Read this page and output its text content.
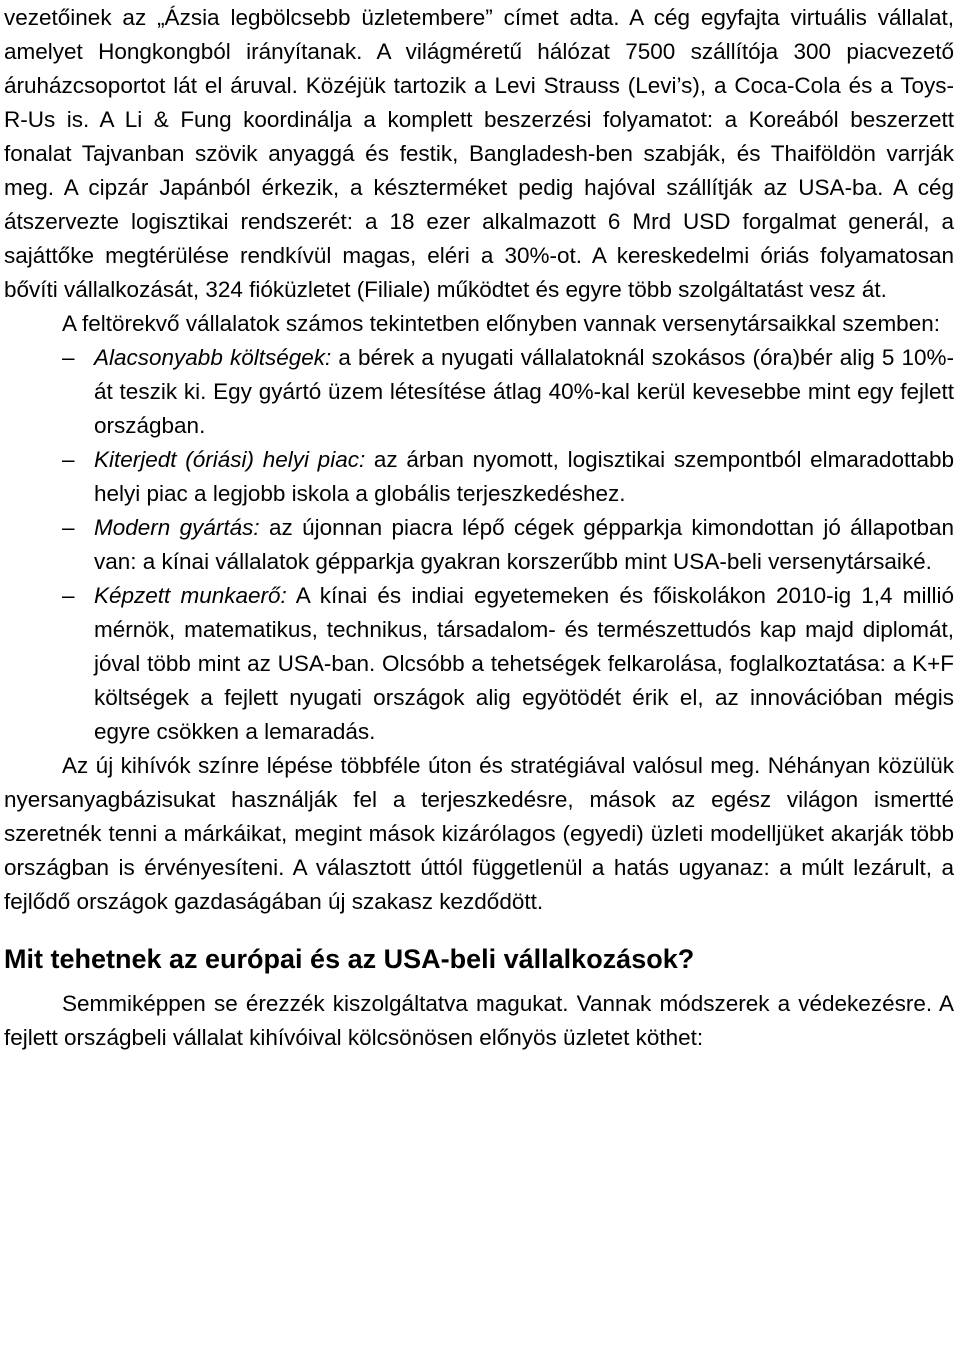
vezetőinek az „Ázsia legbölcsebb üzletembere” címet adta. A cég egyfajta virtuális vállalat, amelyet Hongkongból irányítanak. A világméretű hálózat 7500 szállítója 300 piacvezető áruházcsoportot lát el áruval. Közéjük tartozik a Levi Strauss (Levi’s), a Coca-Cola és a Toys-R-Us is. A Li & Fung koordinálja a komplett beszerzési folyamatot: a Koreából beszerzett fonalat Tajvanban szövik anyaggá és festik, Bangladesh-ben szabják, és Thaiföldön varrják meg. A cipzár Japánból érkezik, a készterméket pedig hajóval szállítják az USA-ba. A cég átszervezte logisztikai rendszerét: a 18 ezer alkalmazott 6 Mrd USD forgalmat generál, a sajáttőke megtérülése rendkívül magas, eléri a 30%-ot. A kereskedelmi óriás folyamatosan bővíti vállalkozását, 324 fióküzletet (Filiale) működtet és egyre több szolgáltatást vesz át.

A feltörekvő vállalatok számos tekintetben előnyben vannak versenytársaikkal szemben:

– Alacsonyabb költségek: a bérek a nyugati vállalatoknál szokásos (óra)bér alig 5 10%-át teszik ki. Egy gyártó üzem létesítése átlag 40%-kal kerül kevesebbe mint egy fejlett országban.
– Kiterjedt (óriási) helyi piac: az árban nyomott, logisztikai szempontból elmaradottabb helyi piac a legjobb iskola a globális terjeszkedéshez.
– Modern gyártás: az újonnan piacra lépő cégek gépparkja kimondottan jó állapotban van: a kínai vállalatok gépparkja gyakran korszerűbb mint USA-beli versenytársaiké.
– Képzett munkaerő: A kínai és indiai egyetemeken és főiskolákon 2010-ig 1,4 millió mérnök, matematikus, technikus, társadalom- és természettudós kap majd diplomát, jóval több mint az USA-ban. Olcsóbb a tehetségek felkarolása, foglalkoztatása: a K+F költségek a fejlett nyugati országok alig egyötödét érik el, az innovációban mégis egyre csökken a lemaradás.

Az új kihívók színre lépése többféle úton és stratégiával valósul meg. Néhányan közülük nyersanyagbázisukat használják fel a terjeszkedésre, mások az egész világon ismertté szeretnék tenni a márkáikat, megint mások kizárólagos (egyedi) üzleti modelljüket akarják több országban is érvényesíteni. A választott úttól függetlenül a hatás ugyanaz: a múlt lezárult, a fejlődő országok gazdaságában új szakasz kezdődött.

Mit tehetnek az európai és az USA-beli vállalkozások?

Semmiképpen se érezzék kiszolgáltatva magukat. Vannak módszerek a védekezésre. A fejlett országbeli vállalat kihívóival kölcsönösen előnyös üzletet köthet:
